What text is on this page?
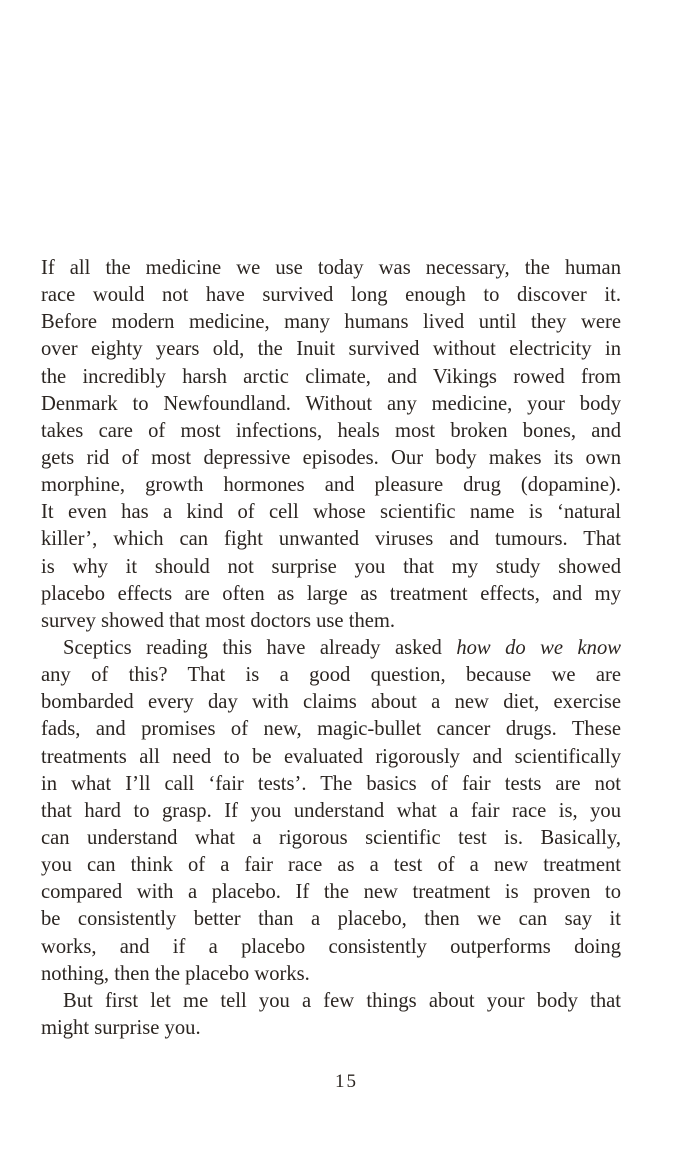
If all the medicine we use today was necessary, the human
race would not have survived long enough to discover it.
Before modern medicine, many humans lived until they were
over eighty years old, the Inuit survived without electricity in
the incredibly harsh arctic climate, and Vikings rowed from
Denmark to Newfoundland. Without any medicine, your body
takes care of most infections, heals most broken bones, and
gets rid of most depressive episodes. Our body makes its own
morphine, growth hormones and pleasure drug (dopamine).
It even has a kind of cell whose scientific name is ‘natural
killer’, which can fight unwanted viruses and tumours. That
is why it should not surprise you that my study showed
placebo effects are often as large as treatment effects, and my
survey showed that most doctors use them.
Sceptics reading this have already asked how do we know
any of this? That is a good question, because we are
bombarded every day with claims about a new diet, exercise
fads, and promises of new, magic-bullet cancer drugs. These
treatments all need to be evaluated rigorously and scientifically
in what I’ll call ‘fair tests’. The basics of fair tests are not
that hard to grasp. If you understand what a fair race is, you
can understand what a rigorous scientific test is. Basically,
you can think of a fair race as a test of a new treatment
compared with a placebo. If the new treatment is proven to
be consistently better than a placebo, then we can say it
works, and if a placebo consistently outperforms doing
nothing, then the placebo works.
But first let me tell you a few things about your body that
might surprise you.
15
